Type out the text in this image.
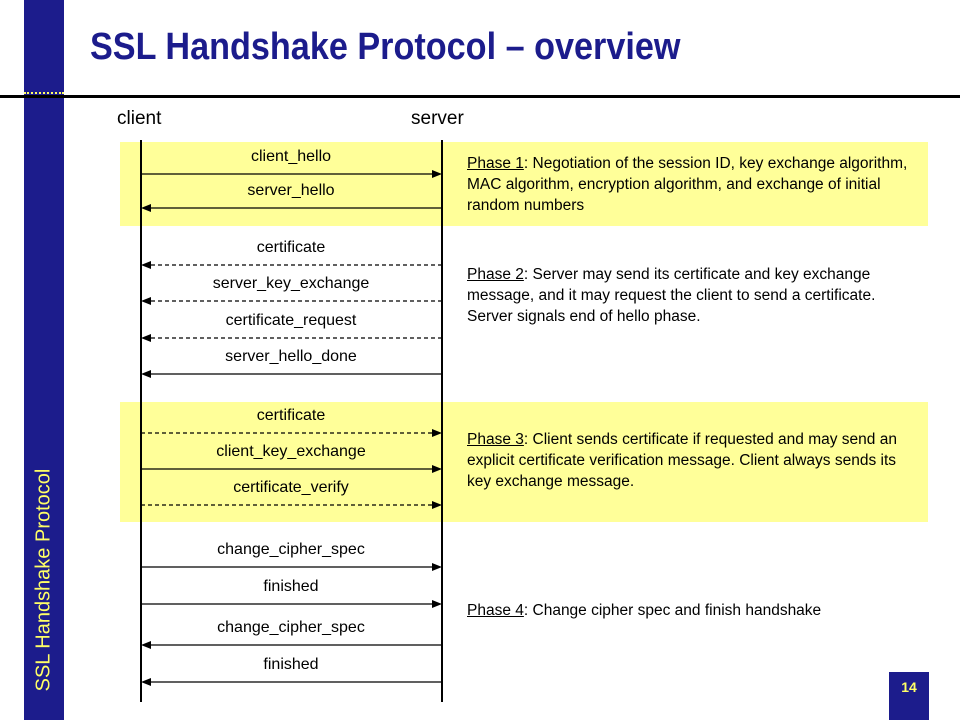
SSL Handshake Protocol
SSL Handshake Protocol – overview
client	server
client_hello
server_hello
certificate
server_key_exchange
certificate_request
server_hello_done
certificate
client_key_exchange
certificate_verify
change_cipher_spec
finished
change_cipher_spec
finished
Phase 1: Negotiation of the session ID, key exchange algorithm, MAC algorithm, encryption algorithm, and exchange of initial random numbers
Phase 2: Server may send its certificate and key exchange message, and it may request the client to send a certificate. Server signals end of hello phase.
Phase 3: Client sends certificate if requested and may send an explicit certificate verification message. Client always sends its key exchange message.
Phase 4: Change cipher spec and finish handshake
14
